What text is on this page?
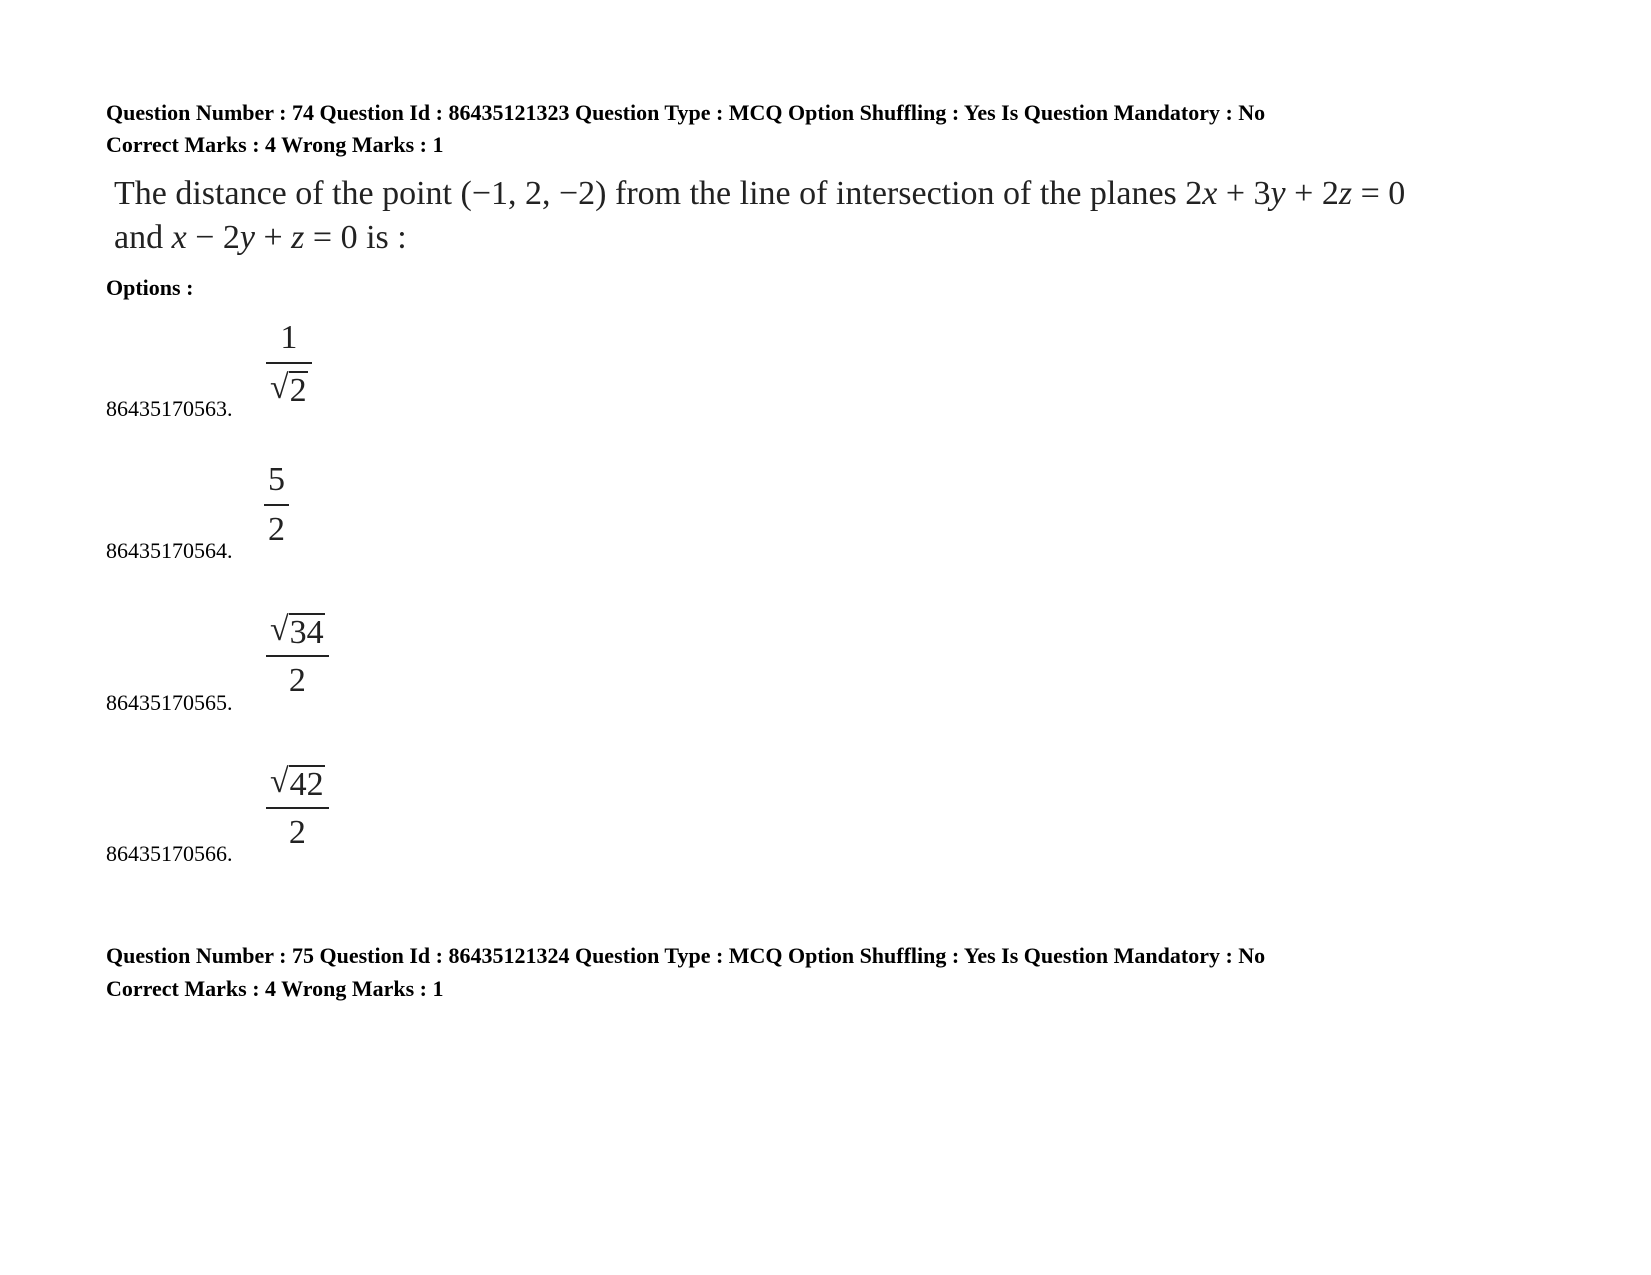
Question Number : 74 Question Id : 86435121323 Question Type : MCQ Option Shuffling : Yes Is Question Mandatory : No
Correct Marks : 4 Wrong Marks : 1
The distance of the point (−1, 2, −2) from the line of intersection of the planes 2x + 3y + 2z = 0
and x − 2y + z = 0 is :
Options :
86435170563.
1
√ 2
86435170564.
5
2
86435170565.
√ 34
2
86435170566.
√ 42
2
Question Number : 75 Question Id : 86435121324 Question Type : MCQ Option Shuffling : Yes Is Question Mandatory : No
Correct Marks : 4 Wrong Marks : 1
